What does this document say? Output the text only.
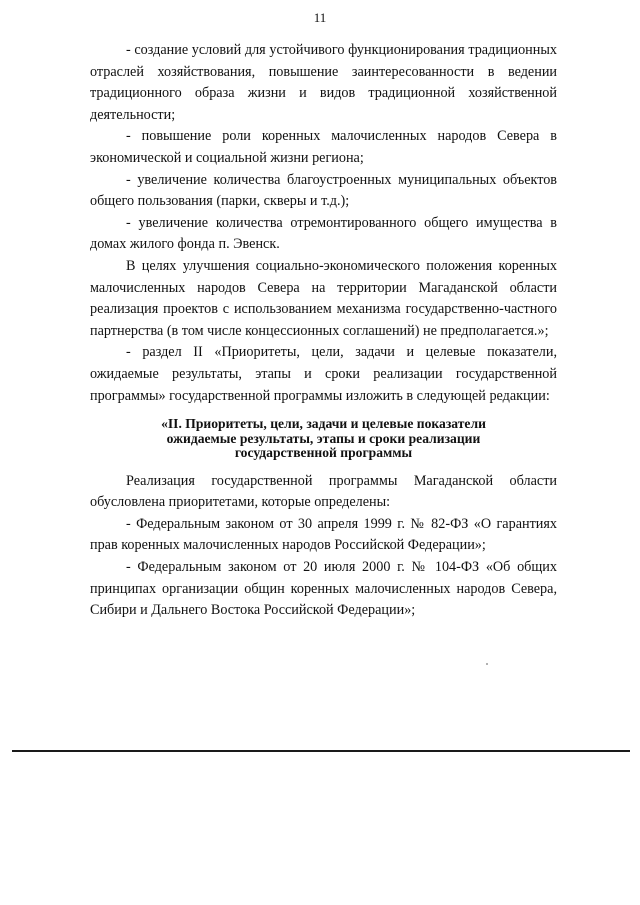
11

- создание условий для устойчивого функционирования традиционных отраслей хозяйствования, повышение заинтересованности в ведении традиционного образа жизни и видов традиционной хозяйственной деятельности;

- повышение роли коренных малочисленных народов Севера в экономической и социальной жизни региона;

- увеличение количества благоустроенных муниципальных объектов общего пользования (парки, скверы и т.д.);

- увеличение количества отремонтированного общего имущества в домах жилого фонда п. Эвенск.

В целях улучшения социально-экономического положения коренных малочисленных народов Севера на территории Магаданской области реализация проектов с использованием механизма государственно-частного партнерства (в том числе концессионных соглашений) не предполагается.»;

- раздел II «Приоритеты, цели, задачи и целевые показатели, ожидаемые результаты, этапы и сроки реализации государственной программы» государственной программы изложить в следующей редакции:

«II. Приоритеты, цели, задачи и целевые показатели
ожидаемые результаты, этапы и сроки реализации
государственной программы

Реализация государственной программы Магаданской области обусловлена приоритетами, которые определены:

- Федеральным законом от 30 апреля 1999 г. № 82-ФЗ «О гарантиях прав коренных малочисленных народов Российской Федерации»;

- Федеральным законом от 20 июля 2000 г. № 104-ФЗ «Об общих принципах организации общин коренных малочисленных народов Севера, Сибири и Дальнего Востока Российской Федерации»;
